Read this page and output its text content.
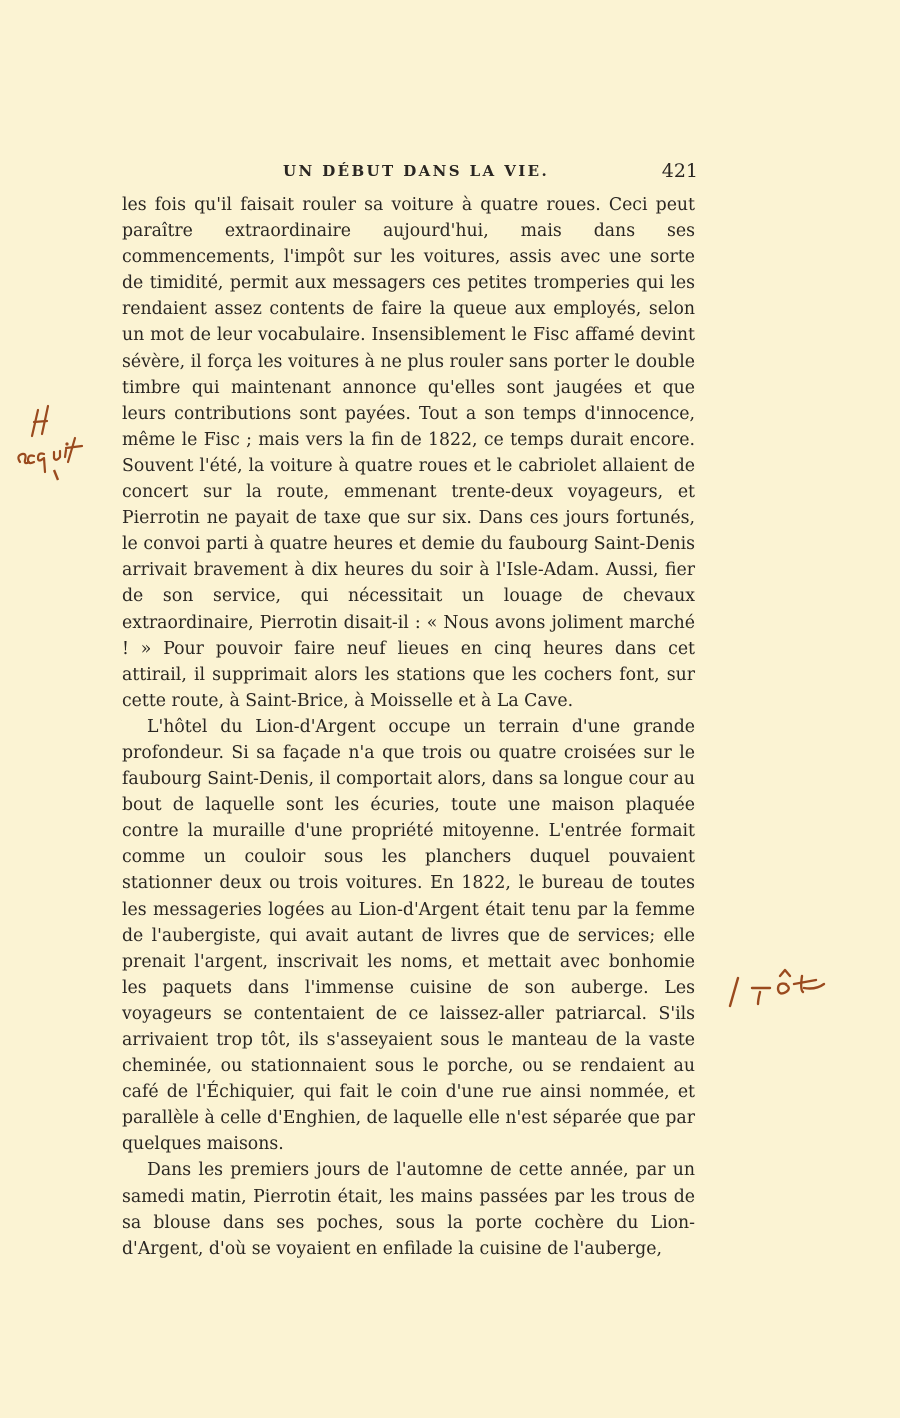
UN DÉBUT DANS LA VIE.	421

les fois qu'il faisait rouler sa voiture à quatre roues. Ceci peut paraître extraordinaire aujourd'hui, mais dans ses commencements, l'impôt sur les voitures, assis avec une sorte de timidité, permit aux messagers ces petites tromperies qui les rendaient assez contents de faire la queue aux employés, selon un mot de leur vocabulaire. Insensiblement le Fisc affamé devint sévère, il força les voitures à ne plus rouler sans porter le double timbre qui maintenant annonce qu'elles sont jaugées et que leurs contributions sont payées. Tout a son temps d'innocence, même le Fisc ; mais vers la fin de 1822, ce temps durait encore. Souvent l'été, la voiture à quatre roues et le cabriolet allaient de concert sur la route, emmenant trente-deux voyageurs, et Pierrotin ne payait de taxe que sur six. Dans ces jours fortunés, le convoi parti à quatre heures et demie du faubourg Saint-Denis arrivait bravement à dix heures du soir à l'Isle-Adam. Aussi, fier de son service, qui nécessitait un louage de chevaux extraordinaire, Pierrotin disait-il : « Nous avons joliment marché ! » Pour pouvoir faire neuf lieues en cinq heures dans cet attirail, il supprimait alors les stations que les cochers font, sur cette route, à Saint-Brice, à Moisselle et à La Cave.

L'hôtel du Lion-d'Argent occupe un terrain d'une grande profondeur. Si sa façade n'a que trois ou quatre croisées sur le faubourg Saint-Denis, il comportait alors, dans sa longue cour au bout de laquelle sont les écuries, toute une maison plaquée contre la muraille d'une propriété mitoyenne. L'entrée formait comme un couloir sous les planchers duquel pouvaient stationner deux ou trois voitures. En 1822, le bureau de toutes les messageries logées au Lion-d'Argent était tenu par la femme de l'aubergiste, qui avait autant de livres que de services; elle prenait l'argent, inscrivait les noms, et mettait avec bonhomie les paquets dans l'immense cuisine de son auberge. Les voyageurs se contentaient de ce laissez-aller patriarcal. S'ils arrivaient trop tôt, ils s'asseyaient sous le manteau de la vaste cheminée, ou stationnaient sous le porche, ou se rendaient au café de l'Échiquier, qui fait le coin d'une rue ainsi nommée, et parallèle à celle d'Enghien, de laquelle elle n'est séparée que par quelques maisons.

Dans les premiers jours de l'automne de cette année, par un samedi matin, Pierrotin était, les mains passées par les trous de sa blouse dans ses poches, sous la porte cochère du Lion-d'Argent, d'où se voyaient en enfilade la cuisine de l'auberge,
